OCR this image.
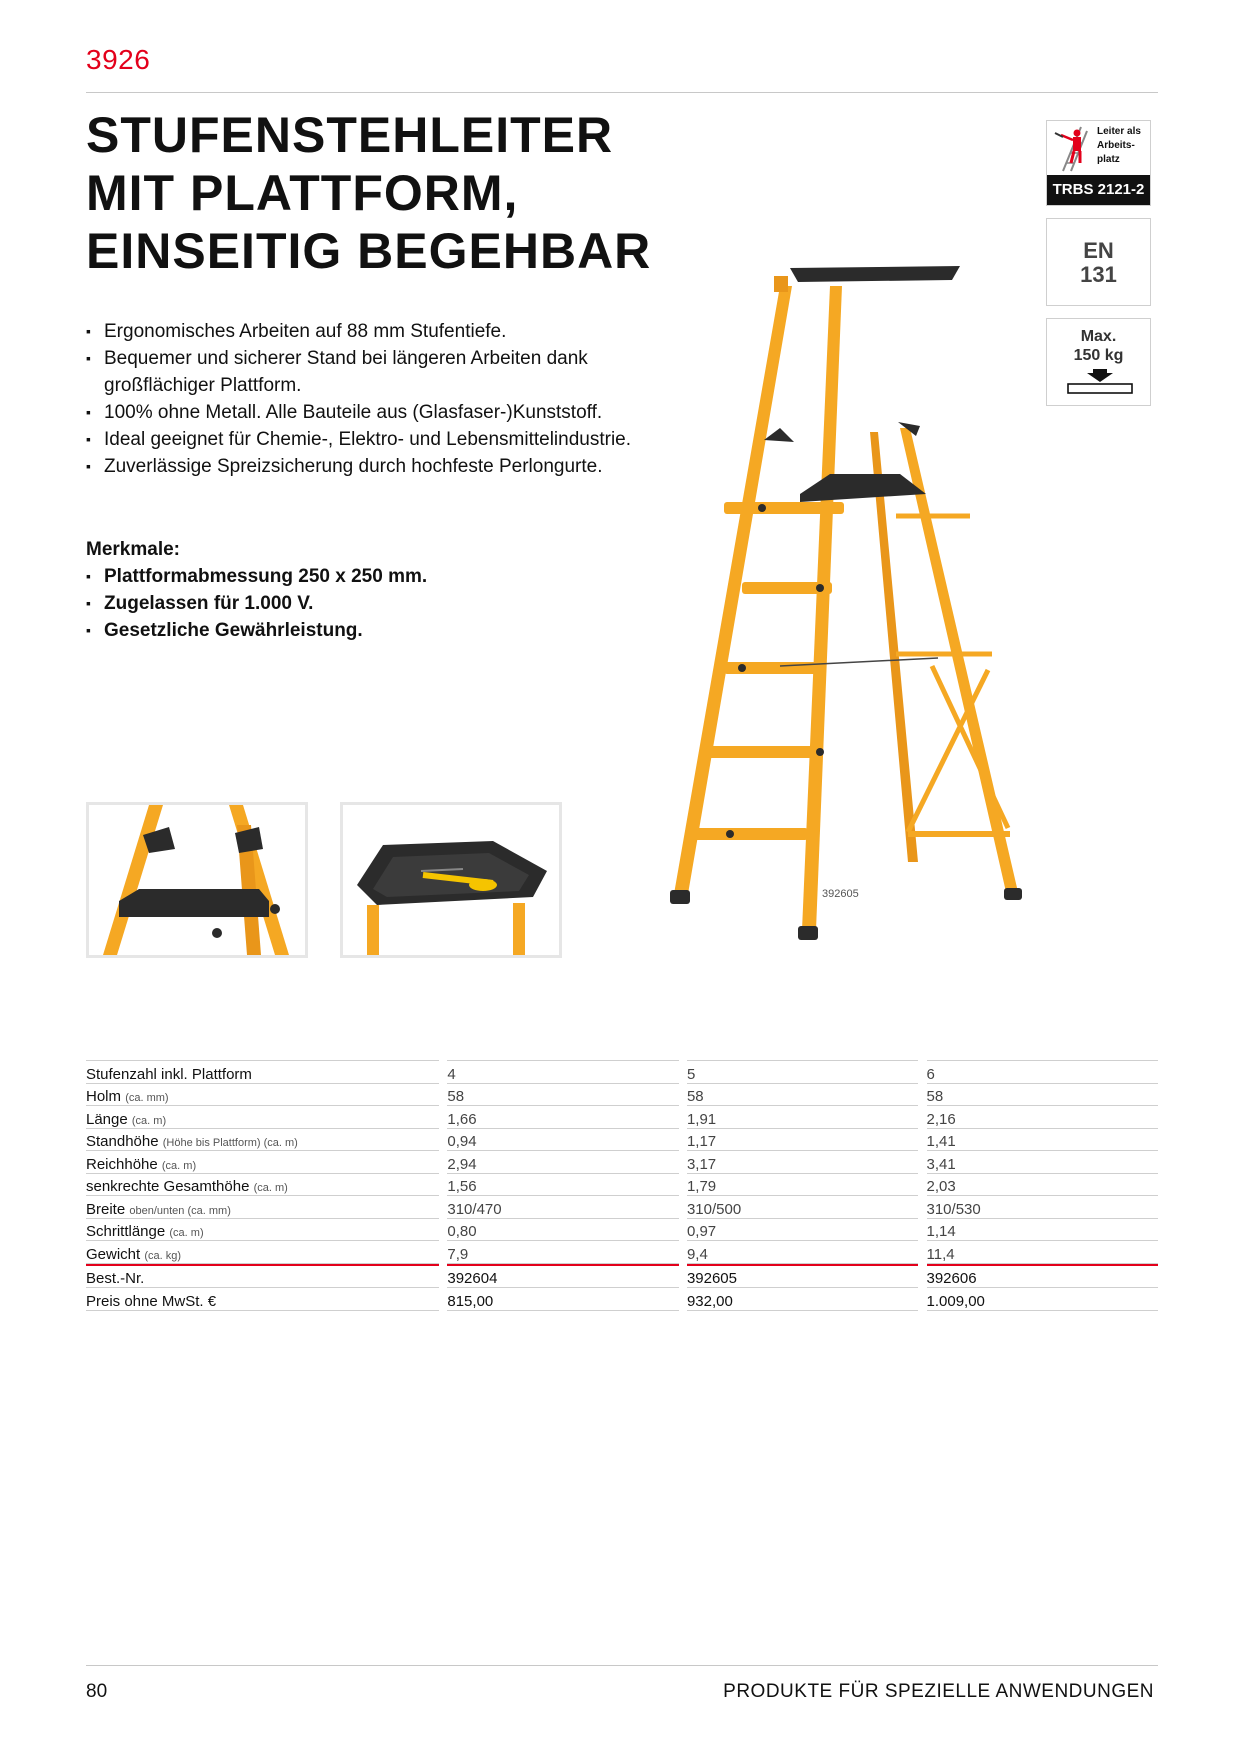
3926
STUFENSTEHLEITER
MIT PLATTFORM,
EINSEITIG BEGEHBAR
▪ Ergonomisches Arbeiten auf 88 mm Stufentiefe.
▪ Bequemer und sicherer Stand bei längeren Arbeiten dank großflächiger Plattform.
▪ 100% ohne Metall. Alle Bauteile aus (Glasfaser-)Kunststoff.
▪ Ideal geeignet für Chemie-, Elektro- und Lebensmittelindustrie.
▪ Zuverlässige Spreizsicherung durch hochfeste Perlongurte.
Merkmale:
▪ Plattformabmessung 250 x 250 mm.
▪ Zugelassen für 1.000 V.
▪ Gesetzliche Gewährleistung.
Leiter als
Arbeits-
platz
TRBS 2121-2
EN
131
Max.
150 kg
392605
Stufenzahl inkl. Plattform		4		5		6
Holm (ca. mm)		58		58		58
Länge (ca. m)		1,66		1,91		2,16
Standhöhe (Höhe bis Plattform) (ca. m)		0,94		1,17		1,41
Reichhöhe (ca. m)		2,94		3,17		3,41
senkrechte Gesamthöhe (ca. m)		1,56		1,79		2,03
Breite oben/unten (ca. mm)		310/470		310/500		310/530
Schrittlänge (ca. m)		0,80		0,97		1,14
Gewicht (ca. kg)		7,9		9,4		11,4
Best.-Nr.		392604		392605		392606
Preis ohne MwSt. €		815,00		932,00		1.009,00
80	PRODUKTE FÜR SPEZIELLE ANWENDUNGEN
